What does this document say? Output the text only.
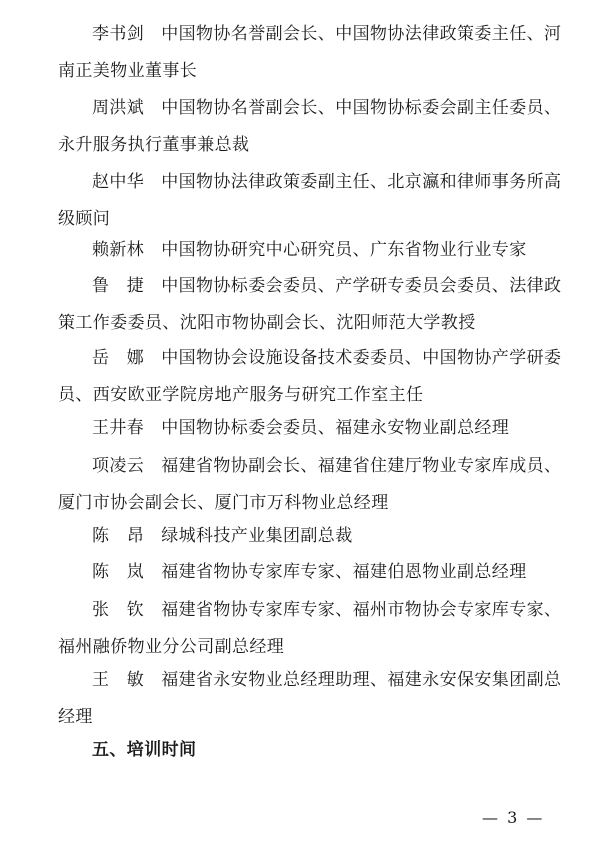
李书剑 中国物协名誉副会长、中国物协法律政策委主任、河南正美物业董事长

周洪斌 中国物协名誉副会长、中国物协标委会副主任委员、永升服务执行董事兼总裁

赵中华 中国物协法律政策委副主任、北京瀛和律师事务所高级顾问

赖新林 中国物协研究中心研究员、广东省物业行业专家

鲁　捷 中国物协标委会委员、产学研专委员会委员、法律政策工作委委员、沈阳市物协副会长、沈阳师范大学教授

岳　娜 中国物协会设施设备技术委委员、中国物协产学研委员、西安欧亚学院房地产服务与研究工作室主任

王井春 中国物协标委会委员、福建永安物业副总经理

项凌云 福建省物协副会长、福建省住建厅物业专家库成员、厦门市协会副会长、厦门市万科物业总经理

陈　昂 绿城科技产业集团副总裁

陈　岚 福建省物协专家库专家、福建伯恩物业副总经理

张　钦 福建省物协专家库专家、福州市物协会专家库专家、福州融侨物业分公司副总经理

王　敏 福建省永安物业总经理助理、福建永安保安集团副总经理

五、培训时间

— 3 —
